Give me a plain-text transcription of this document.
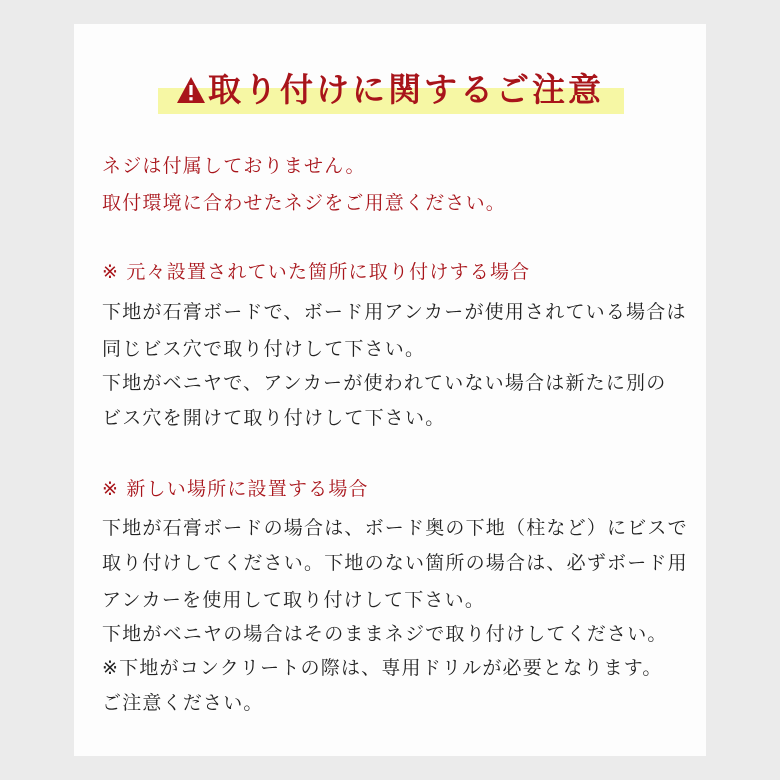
取り付けに関するご注意
ネジは付属しておりません。
取付環境に合わせたネジをご用意ください。
※ 元々設置されていた箇所に取り付けする場合
下地が石膏ボードで、ボード用アンカーが使用されている場合は
同じビス穴で取り付けして下さい。
下地がベニヤで、アンカーが使われていない場合は新たに別の
ビス穴を開けて取り付けして下さい。
※ 新しい場所に設置する場合
下地が石膏ボードの場合は、ボード奥の下地（柱など）にビスで
取り付けしてください。下地のない箇所の場合は、必ずボード用
アンカーを使用して取り付けして下さい。
下地がベニヤの場合はそのままネジで取り付けしてください。
※下地がコンクリートの際は、専用ドリルが必要となります。
ご注意ください。
